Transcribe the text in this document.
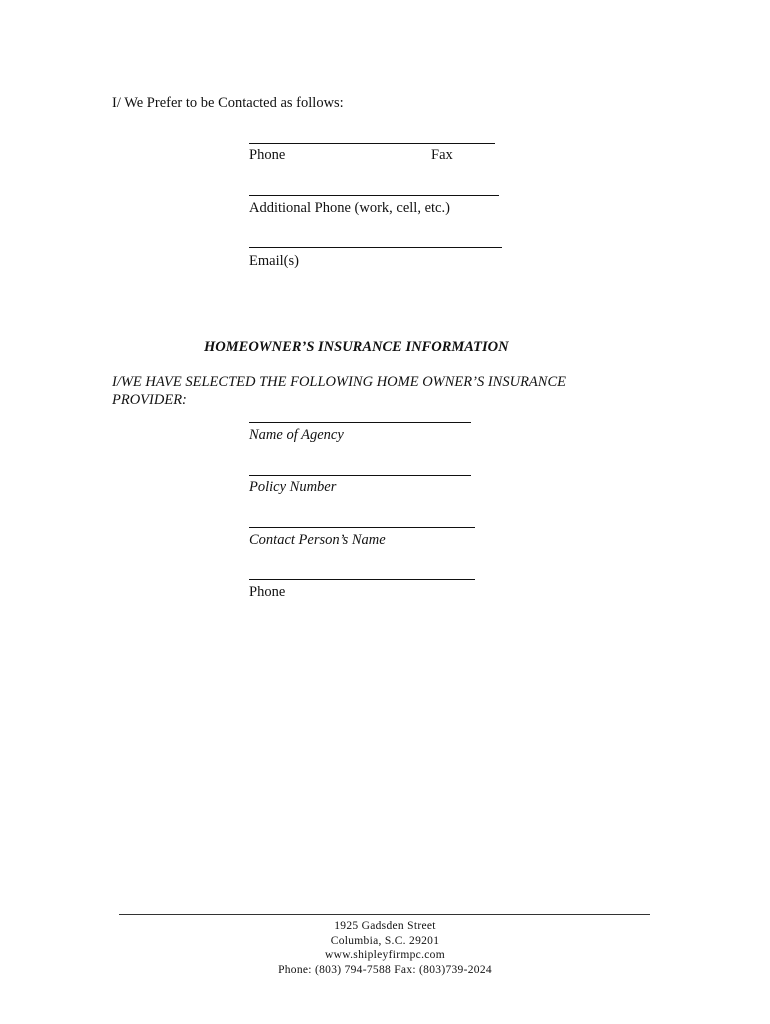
I/ We Prefer to be Contacted as follows:
Phone	Fax
Additional Phone (work, cell, etc.)
Email(s)
HOMEOWNER’S INSURANCE INFORMATION
I/WE HAVE SELECTED THE FOLLOWING HOME OWNER’S INSURANCE
PROVIDER:
Name of Agency
Policy Number
Contact Person’s Name
Phone
1925 Gadsden Street
Columbia, S.C. 29201
www.shipleyfirmpc.com
Phone: (803) 794-7588 Fax: (803)739-2024
